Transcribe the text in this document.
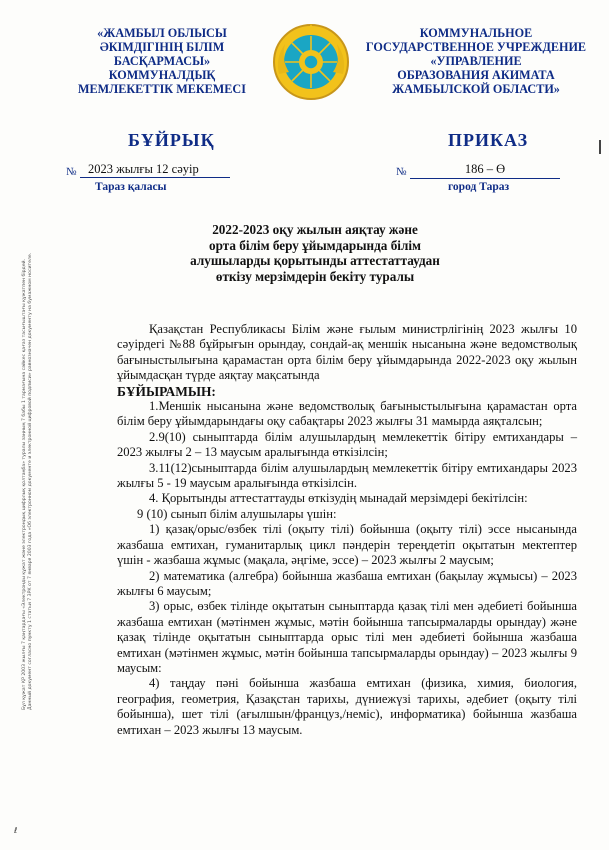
«ЖАМБЫЛ ОБЛЫСЫ
ӘКІМДІГІНІҢ БІЛІМ
БАСҚАРМАСЫ»
КОММУНАЛДЫҚ
МЕМЛЕКЕТТІК МЕКЕМЕСІ
КОММУНАЛЬНОЕ
ГОСУДАРСТВЕННОЕ УЧРЕЖДЕНИЕ
«УПРАВЛЕНИЕ
ОБРАЗОВАНИЯ АКИМАТА
ЖАМБЫЛСКОЙ ОБЛАСТИ»
БҰЙРЫҚ	ПРИКАЗ
№ 2023 жылғы 12 сәуір
Тараз қаласы
№	186 – Ө
город Тараз
2022-2023 оқу жылын аяқтау және
орта білім беру ұйымдарында білім
алушыларды қорытынды аттестаттаудан
өткізу мерзімдерін бекіту туралы

Қазақстан Республикасы Білім және ғылым министрлігінің 2023 жылғы 10 сәуірдегі №88 бұйрығын орындау, сондай-ақ меншік нысанына және ведомстволық бағыныстылығына қарамастан орта білім беру ұйымдарында 2022-2023 оқу жылын ұйымдасқан түрде аяқтау мақсатында

БҰЙЫРАМЫН:

1.Меншік нысанына және ведомстволық бағыныстылығына қарамастан орта білім беру ұйымдарындағы оқу сабақтары 2023 жылғы 31 мамырда аяқталсын;

2.9(10) сыныптарда білім алушылардың мемлекеттік бітіру емтихандары – 2023 жылғы 2 – 13 маусым аралығында өткізілсін;

3.11(12)сыныптарда білім алушылардың мемлекеттік бітіру емтихандары 2023 жылғы 5 - 19 маусым аралығында өткізілсін.

4. Қорытынды аттестаттауды өткізудің мынадай мерзімдері бекітілсін:

9 (10) сынып білім алушылары үшін:

1) қазақ/орыс/өзбек тілі (оқыту тілі) бойынша (оқыту тілі) эссе нысанында жазбаша емтихан, гуманитарлық цикл пәндерін тереңдетіп оқытатын мектептер үшін - жазбаша жұмыс (мақала, әңгіме, эссе) – 2023 жылғы 2 маусым;

2) математика (алгебра) бойынша жазбаша емтихан (бақылау жұмысы) – 2023 жылғы 6 маусым;

3) орыс, өзбек тілінде оқытатын сыныптарда қазақ тілі мен әдебиеті бойынша жазбаша емтихан (мәтінмен жұмыс, мәтін бойынша тапсырмаларды орындау) және қазақ тілінде оқытатын сыныптарда орыс тілі мен әдебиеті бойынша жазбаша емтихан (мәтінмен жұмыс, мәтін бойынша тапсырмаларды орындау) – 2023 жылғы 9 маусым:

4) таңдау пәні бойынша жазбаша емтихан (физика, химия, биология, география, геометрия, Қазақстан тарихы, дүниежүзі тарихы, әдебиет (оқыту тілі бойынша), шет тілі (ағылшын/француз,/неміс), информатика) бойынша жазбаша емтихан – 2023 жылғы 13 маусым.

Бұл құжат ҚР 2003 жылғы 7 қаңтардағы «Электронды құжат және электрондық цифрлық қолтаңба» туралы заңның 7 бабы 1 тармағына сәйкес қағаз тасығыштағы құжатпен бірдей. Данный документ согласно пункту 1 статьи 7 ЗРК от 7 января 2003 года «Об электронном документе и электронной цифровой подписи» равнозначен документу на бумажном носителе.
ℓ
